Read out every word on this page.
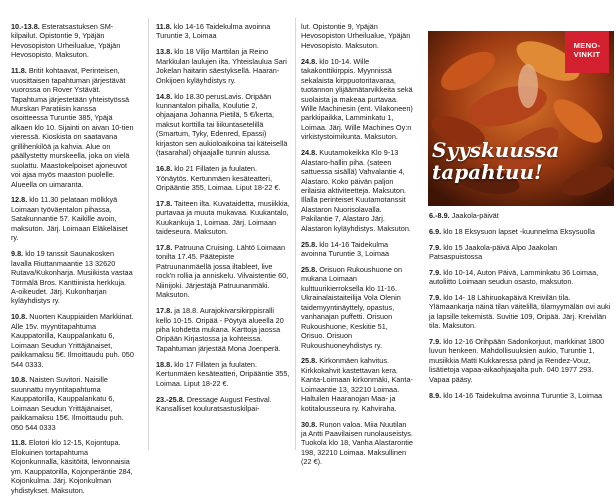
10.-13.8. Esteratsastuksen SM-kilpailut. Opistontie 9, Ypäjän Hevosopiston Urheilualue, Ypäjän Hevosopisto. Maksuton.
11.8. Britit kohtaavat, Perinteisen, vuosittaisen tapahtuman järjestävät vuorossa on Rover Ystävät. Tapahtuma järjestetään yhteistyössä Murskan Paratiisin kanssa osoitteessa Turuntie 385, Ypäjä alkaen klo 10. Sijainti on aivan 10-tien vieressä. Kioskista on saatavana grillihenkilöä ja kahvia. Alue on päällystetty murskeella, joka on vielä suolattu. Maastokelpoiset ajoneuvot voi ajaa myös maaston puolelle. Alueella on uimaranta.
12.8. klo 11.30 pelataan mölkkyä Loimaan työväentalon pihassa, Satakunnantie 57. Kaikille avoin, maksuton. Järj. Loimaan Eläkeläiset ry.
9.8. klo 19 tanssit Saunakosken lavalla Riuttanmaantie 13 32620 Rutava/Kukonharja. Musiikista vastaa Törmälä Bros. Kanttiinista herkkuja. A-oikeudet. Järj. Kukonharjan kyläyhdistys ry.
10.8. Nuorten Kauppiaiden Markkinat. Alle 15v. myyntitapahtuma Kauppatorilla, Kauppalankatu 6, Loimaan Seudun Yrittäjänaiset, paikkamaksu 5€. Ilmoittaudu puh. 050 544 0333.
10.8. Naisten Suvitori. Naisille suunnattu myyntitapahtuma Kauppatorilla, Kauppalankatu 6, Loimaan Seudun Yrittäjänaiset, paikkamaksu 15€. Ilmoittaudu puh. 050 544 0333
11.8. Elotori klo 12-15, Kojontupa. Elokuinen tortapahtuma Kojonkunnalla, käsitöitä, leivonnaisia ym. Kauppatorilla, Kojonperäntie 284, Kojonkulma. Järj. Kojonkulman yhdistykset. Maksuton.
11.8. klo 14-16 Taidekulma avoinna Turuntie 3, Loimaa
13.8. klo 18 Viljo Marttilan ja Reino Markkulan laulujen ilta. Yhteislaulua Sari Jokelan haitarin säestyksellä. Haaran-Onkijoen kyläyhdistys ry.
14.8. klo 18.30 perusLavis. Oripään kunnantalon pihalla, Koulutie 2, ohjaajana Johanna Pietilä, 5 €/kerta, maksut korttilla tai liikuntasetelillä (Smartum, Tyky, Edenred, Epassi) kirjaston sen aukioloaikoina tai käteisellä (tasarahal) ohjaajalle tunnin alussa.
16.8. klo 21 Fillaten ja fuulaten. Yönäytös. Kertunmäen kesäteatteri, Oripääntie 355, Loimaa. Liput 18-22 €.
17.8. Taiteen ilta. Kuvataidetta, musiikkia, purtavaa ja muuta mukavaa. Kuukantalo, Kuukankuja 1, Loimaa. Järj. Loimaan taideseura. Maksuton.
17.8. Patruuna Cruising. Lähtö Loimaan tonilta 17.45. Päätepiste Patruunanmäellä jossa iltableet, live rock'n rollia ja anniskelu. Vilvaistentie 60, Niinijoki. Järjestäjä Patruunanmäki. Maksuton.
17.8. ja 18.8. Aurajokivarsikirppisralli kello 10-15. Oripää - Pöytyä alueella 20 piha kohdetta mukana. Karttoja jaossa Oripään Kirjastossa ja kohteissa. Tapahtuman järjestää Mona Joenperä.
18.8. klo 17 Fillaten ja fuulaten. Kertunmäen kesäteatteri, Oripääntie 355, Loimaa. Liput 18-22 €.
23.-25.8. Dressage August Festival. Kansalliset kouluratsastuskilpai-
lut. Opistontie 9, Ypäjän Hevosopiston Urheilualue, Ypäjän Hevosopisto. Maksuton.
24.8. klo 10-14. Wille takakonttikirppis. Myynnissä sekalaista kirppuotoritavaraa, tuotannon ylijäämätarvikkeita sekä suolaista ja makeaa purtavaa. Wille Machinesin (ent. Vilakoneen) parkkipaikka, Lamminkatu 1, Loimaa. Järj. Wille Machines Oy:n virkistystoimikunta. Maksuton.
24.8. Kuutamokeikka Klo 9-13 Alastaro-hallin piha. (sateen sattuessa sisällä) Vahvalantie 4, Alastaro. Koko päivän paljon erilaisia aktiviteetteja. Maksuton. Illalla perinteiset Kuutamotanssit Alastaron Nuorisolavalla. Pakilantie 7, Alastaro Järj. Alastaron kyläyhdistys. Maksuton.
25.8. klo 14-16 Taidekulma avoinna Turuntie 3, Loimaa
25.8. Orisuon Rukoushuone on mukana Loimaan kulttuurikierroksella klo 11-16. Ukrainalaistaiteilija Vola Olenin taidemyyntinäyttely, opastus, vanhanajan puffetti. Orisuon Rukoushuone, Keskitie 51, Orisuo. Orisuon Rukoushuoneyhdistys ry.
25.8. Kirkonmäen kahvitus. Kirkkokahvit kastettavan kera. Kanta-Loimaan kirkonmäki, Kanta-Loimaantie 13, 32210 Loimaa. Haltuilen Haaranojan Maa- ja kotitalousseura ry. Kahviraha.
30.8. Runon valoa. Miia Nuutilan ja Antti Paavilaisen runolauseistys. Tuokola klo 18, Vanha Alastarontie 198, 32210 Loimaa. Maksullinen (22 €).
MENO-
VINKIT
Syyskuussa
tapahtuu!
6.-8.9. Jaakola-päivät
6.9. klo 18 Eksysuon lapset -kuunnelma Eksysuolla
7.9. klo 15 Jaakola-päivä Alpo Jaakolan Patsaspuistossa
7.9. klo 10-14, Auton Päivä, Lamminkatu 36 Loimaa, autoliitto Loimaan seudun osasto, maksuton.
7.9. klo 14- 18 Lähiruokapäivä Kreivilän tila. Ylämaankarja näinä tilan väitelillä, tilamyymälän ovi auki ja lapsille tekemistä. Suvitie 109, Oripää. Järj. Kreivilän tila. Maksuton.
7.9. klo 12-16 Orihpään Sadonkorjuut, markkinat 1800 luvun henkeen. Mahdollisuuksien aukio, Turuntie 1, musiikkia Matti Kukkaressa pänd ja Rendez-Vouz, lisätietoja vapaa-aikaohjaajalta puh. 040 1977 293. Vapaa pääsy.
8.9. klo 14-16 Taidekulma avoinna Turuntie 3, Loimaa
